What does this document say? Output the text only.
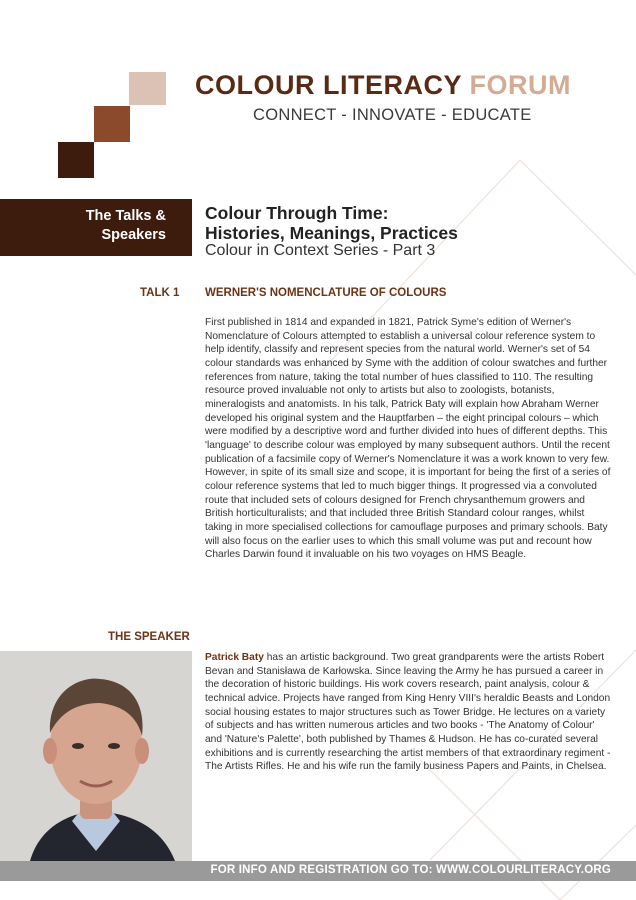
COLOUR LITERACY FORUM
CONNECT - INNOVATE - EDUCATE
The Talks &
Speakers
Colour Through Time:
Histories, Meanings, Practices
Colour in Context Series - Part 3
TALK 1 WERNER'S NOMENCLATURE OF COLOURS
First published in 1814 and expanded in 1821, Patrick Syme's edition of Werner's Nomenclature of Colours attempted to establish a universal colour reference system to help identify, classify and represent species from the natural world. Werner's set of 54 colour standards was enhanced by Syme with the addition of colour swatches and further references from nature, taking the total number of hues classified to 110. The resulting resource proved invaluable not only to artists but also to zoologists, botanists, mineralogists and anatomists. In his talk, Patrick Baty will explain how Abraham Werner developed his original system and the Hauptfarben – the eight principal colours – which were modified by a descriptive word and further divided into hues of different depths. This 'language' to describe colour was employed by many subsequent authors. Until the recent publication of a facsimile copy of Werner's Nomenclature it was a work known to very few. However, in spite of its small size and scope, it is important for being the first of a series of colour reference systems that led to much bigger things. It progressed via a convoluted route that included sets of colours designed for French chrysanthemum growers and British horticulturalists; and that included three British Standard colour ranges, whilst taking in more specialised collections for camouflage purposes and primary schools. Baty will also focus on the earlier uses to which this small volume was put and recount how Charles Darwin found it invaluable on his two voyages on HMS Beagle.
THE SPEAKER
Patrick Baty has an artistic background. Two great grandparents were the artists Robert Bevan and Stanisława de Karłowska. Since leaving the Army he has pursued a career in the decoration of historic buildings. His work covers research, paint analysis, colour & technical advice. Projects have ranged from King Henry VIII's heraldic Beasts and London social housing estates to major structures such as Tower Bridge. He lectures on a variety of subjects and has written numerous articles and two books - 'The Anatomy of Colour' and 'Nature's Palette', both published by Thames & Hudson. He has co-curated several exhibitions and is currently researching the artist members of that extraordinary regiment - The Artists Rifles. He and his wife run the family business Papers and Paints, in Chelsea.
FOR INFO AND REGISTRATION GO TO: WWW.COLOURLITERACY.ORG
